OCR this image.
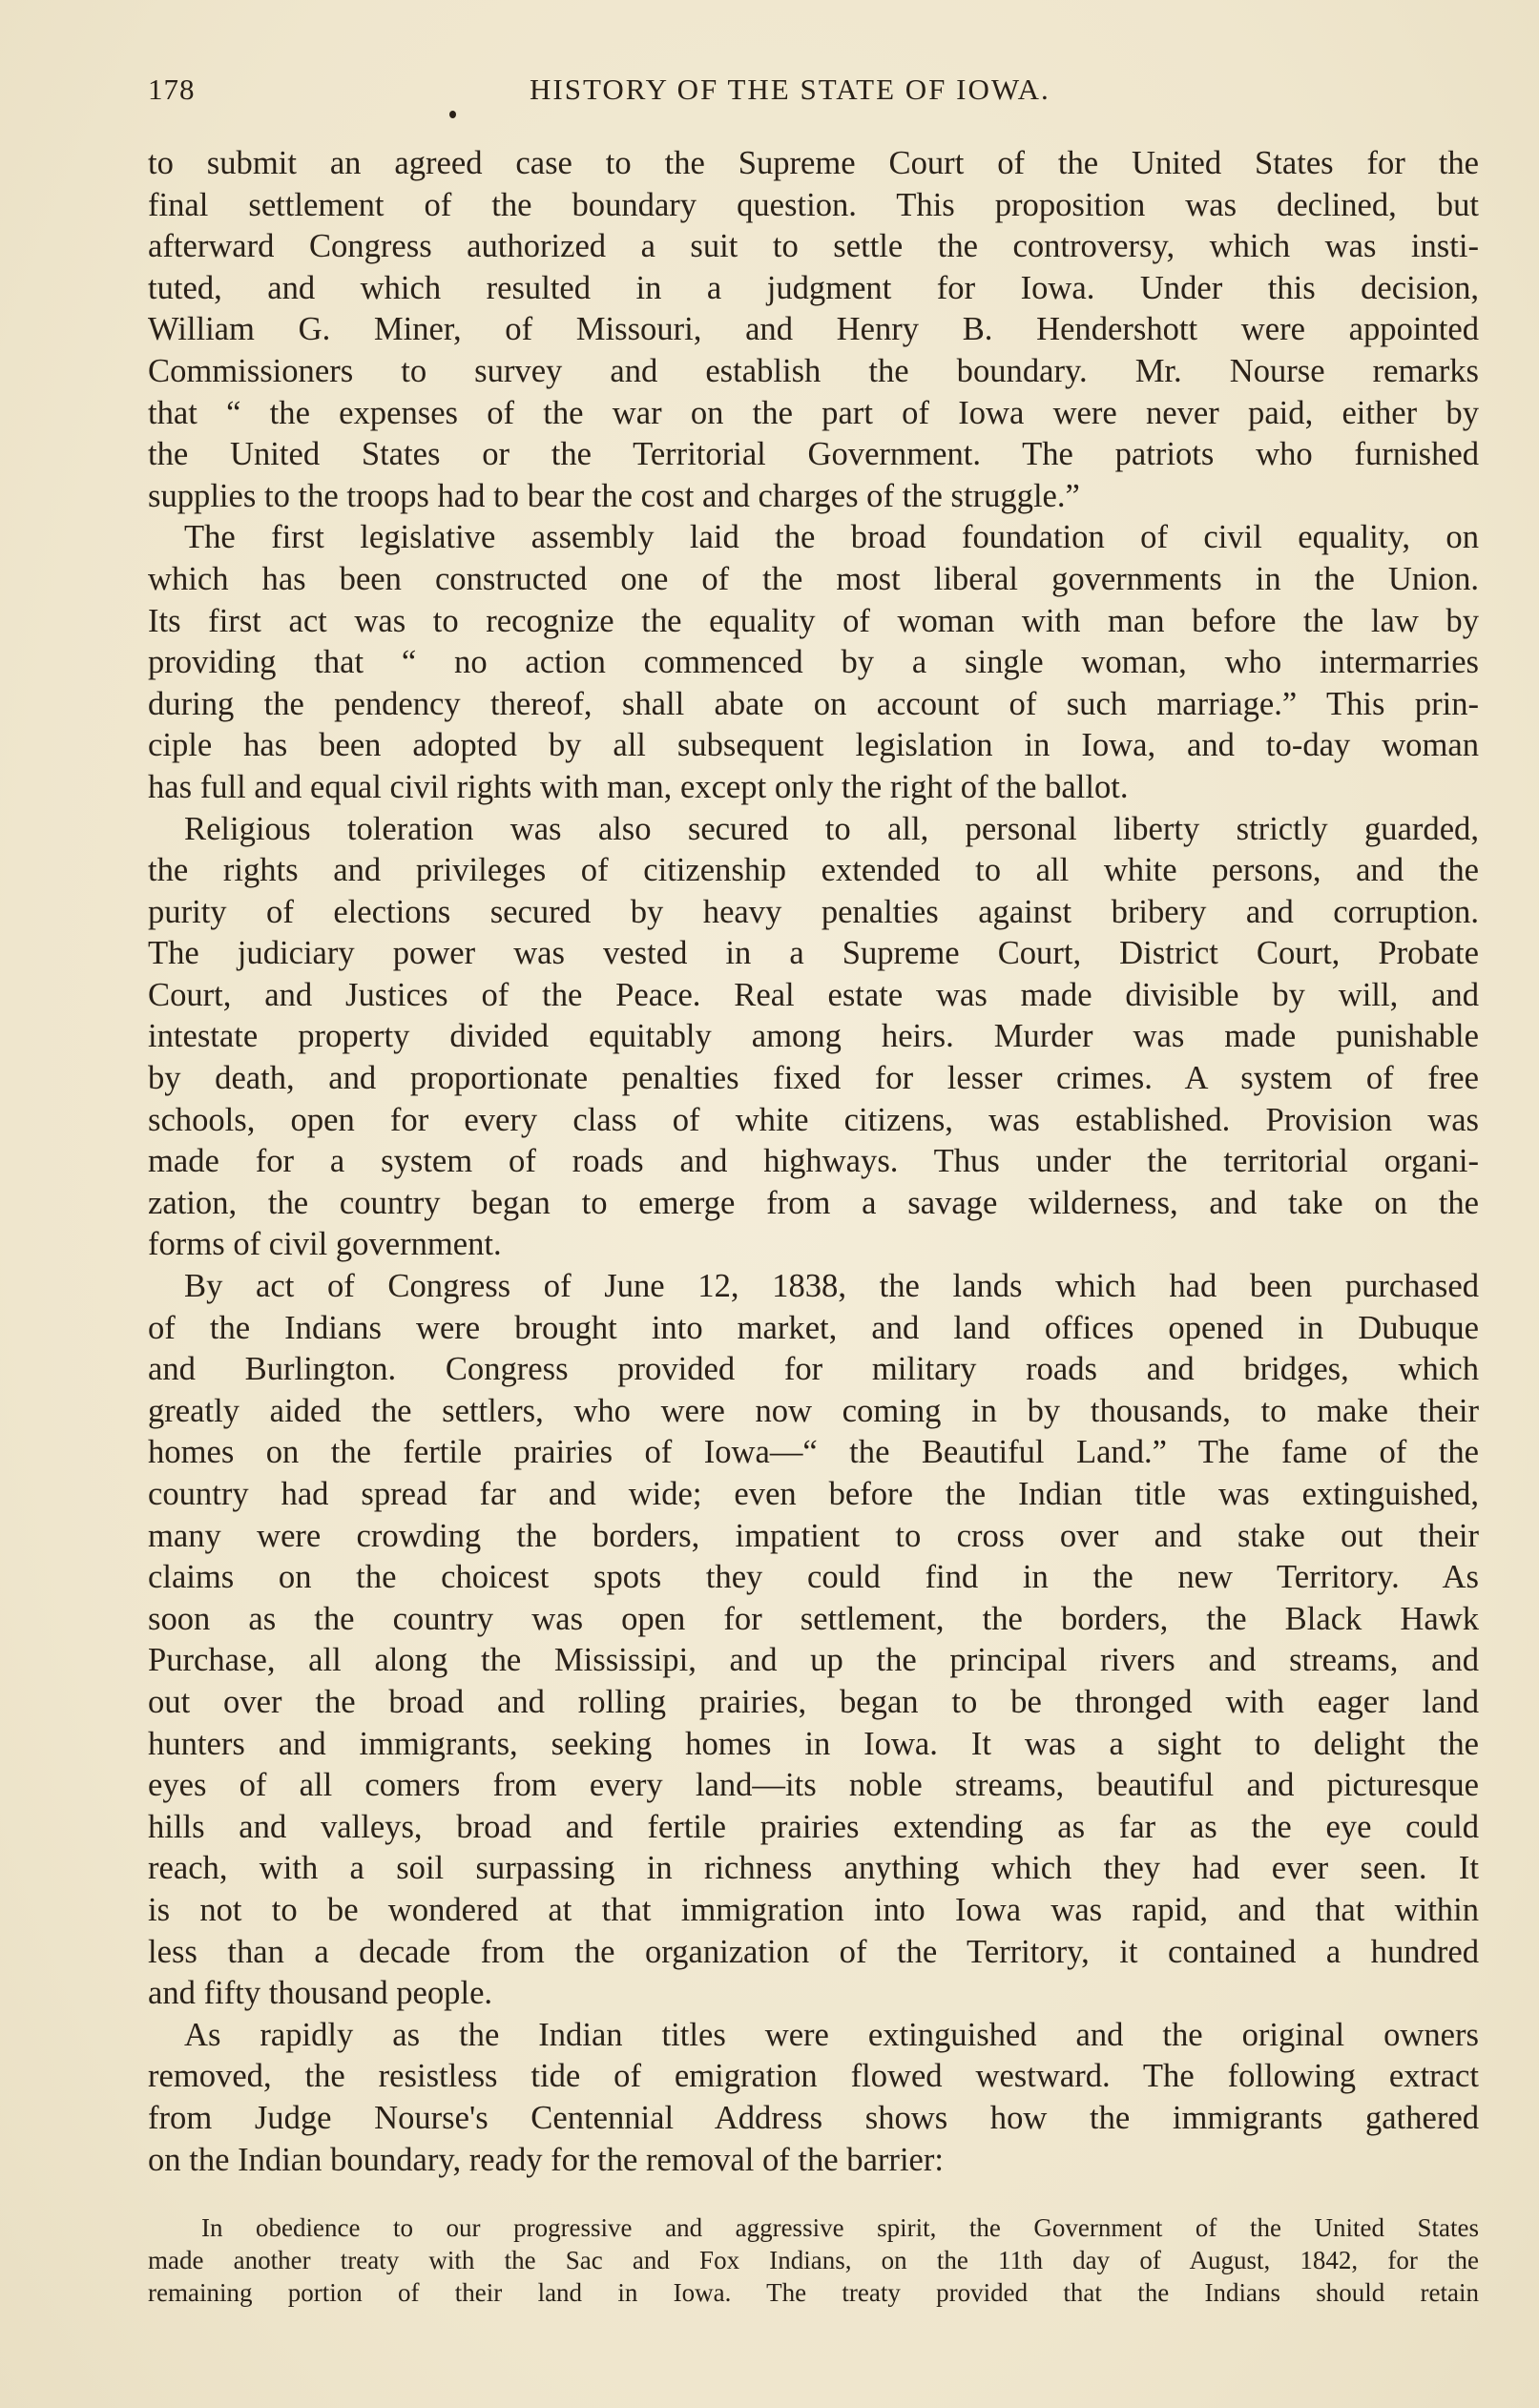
178	HISTORY OF THE STATE OF IOWA.
to submit an agreed case to the Supreme Court of the United States for the
final settlement of the boundary question. This proposition was declined, but
afterward Congress authorized a suit to settle the controversy, which was insti-
tuted, and which resulted in a judgment for Iowa. Under this decision,
William G. Miner, of Missouri, and Henry B. Hendershott were appointed
Commissioners to survey and establish the boundary. Mr. Nourse remarks
that “ the expenses of the war on the part of Iowa were never paid, either by
the United States or the Territorial Government. The patriots who furnished
supplies to the troops had to bear the cost and charges of the struggle.”
The first legislative assembly laid the broad foundation of civil equality, on
which has been constructed one of the most liberal governments in the Union.
Its first act was to recognize the equality of woman with man before the law by
providing that “ no action commenced by a single woman, who intermarries
during the pendency thereof, shall abate on account of such marriage.” This prin-
ciple has been adopted by all subsequent legislation in Iowa, and to-day woman
has full and equal civil rights with man, except only the right of the ballot.
Religious toleration was also secured to all, personal liberty strictly guarded,
the rights and privileges of citizenship extended to all white persons, and the
purity of elections secured by heavy penalties against bribery and corruption.
The judiciary power was vested in a Supreme Court, District Court, Probate
Court, and Justices of the Peace. Real estate was made divisible by will, and
intestate property divided equitably among heirs. Murder was made punishable
by death, and proportionate penalties fixed for lesser crimes. A system of free
schools, open for every class of white citizens, was established. Provision was
made for a system of roads and highways. Thus under the territorial organi-
zation, the country began to emerge from a savage wilderness, and take on the
forms of civil government.
By act of Congress of June 12, 1838, the lands which had been purchased
of the Indians were brought into market, and land offices opened in Dubuque
and Burlington. Congress provided for military roads and bridges, which
greatly aided the settlers, who were now coming in by thousands, to make their
homes on the fertile prairies of Iowa—“ the Beautiful Land.” The fame of the
country had spread far and wide; even before the Indian title was extinguished,
many were crowding the borders, impatient to cross over and stake out their
claims on the choicest spots they could find in the new Territory. As
soon as the country was open for settlement, the borders, the Black Hawk
Purchase, all along the Mississipi, and up the principal rivers and streams, and
out over the broad and rolling prairies, began to be thronged with eager land
hunters and immigrants, seeking homes in Iowa. It was a sight to delight the
eyes of all comers from every land—its noble streams, beautiful and picturesque
hills and valleys, broad and fertile prairies extending as far as the eye could
reach, with a soil surpassing in richness anything which they had ever seen. It
is not to be wondered at that immigration into Iowa was rapid, and that within
less than a decade from the organization of the Territory, it contained a hundred
and fifty thousand people.
As rapidly as the Indian titles were extinguished and the original owners
removed, the resistless tide of emigration flowed westward. The following extract
from Judge Nourse's Centennial Address shows how the immigrants gathered
on the Indian boundary, ready for the removal of the barrier:
In obedience to our progressive and aggressive spirit, the Government of the United States
made another treaty with the Sac and Fox Indians, on the 11th day of August, 1842, for the
remaining portion of their land in Iowa. The treaty provided that the Indians should retain
